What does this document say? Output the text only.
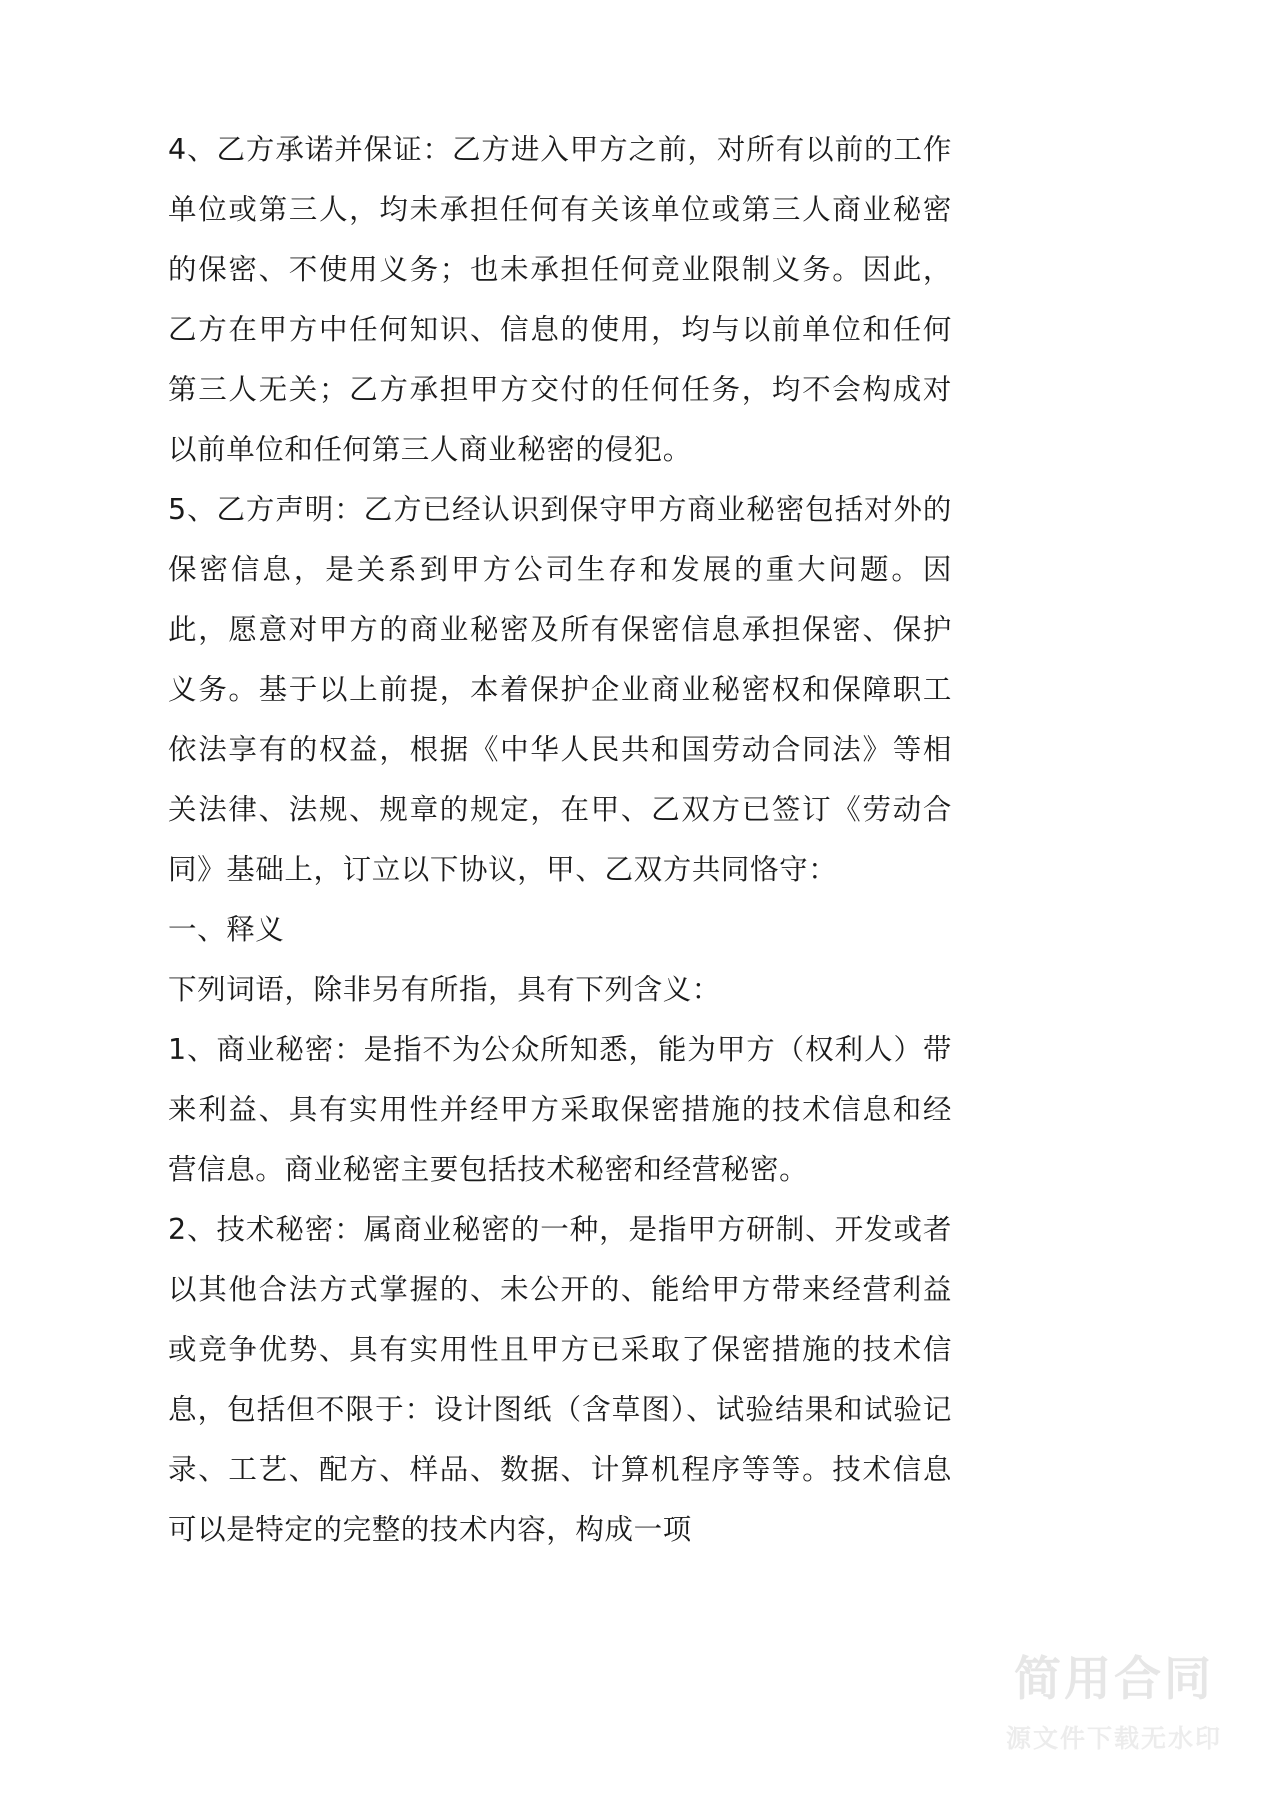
4、乙方承诺并保证：乙方进入甲方之前，对所有以前的工作单位或第三人，均未承担任何有关该单位或第三人商业秘密的保密、不使用义务；也未承担任何竞业限制义务。因此，乙方在甲方中任何知识、信息的使用，均与以前单位和任何第三人无关；乙方承担甲方交付的任何任务，均不会构成对以前单位和任何第三人商业秘密的侵犯。

5、乙方声明：乙方已经认识到保守甲方商业秘密包括对外的保密信息，是关系到甲方公司生存和发展的重大问题。因此，愿意对甲方的商业秘密及所有保密信息承担保密、保护义务。基于以上前提，本着保护企业商业秘密权和保障职工依法享有的权益，根据《中华人民共和国劳动合同法》等相关法律、法规、规章的规定，在甲、乙双方已签订《劳动合同》基础上，订立以下协议，甲、乙双方共同恪守：

一、释义

下列词语，除非另有所指，具有下列含义：

1、商业秘密：是指不为公众所知悉，能为甲方（权利人）带来利益、具有实用性并经甲方采取保密措施的技术信息和经营信息。商业秘密主要包括技术秘密和经营秘密。

2、技术秘密：属商业秘密的一种，是指甲方研制、开发或者以其他合法方式掌握的、未公开的、能给甲方带来经营利益或竞争优势、具有实用性且甲方已采取了保密措施的技术信息，包括但不限于：设计图纸（含草图）、试验结果和试验记录、工艺、配方、样品、数据、计算机程序等等。技术信息可以是特定的完整的技术内容，构成一项

简用合同
源文件下载无水印
